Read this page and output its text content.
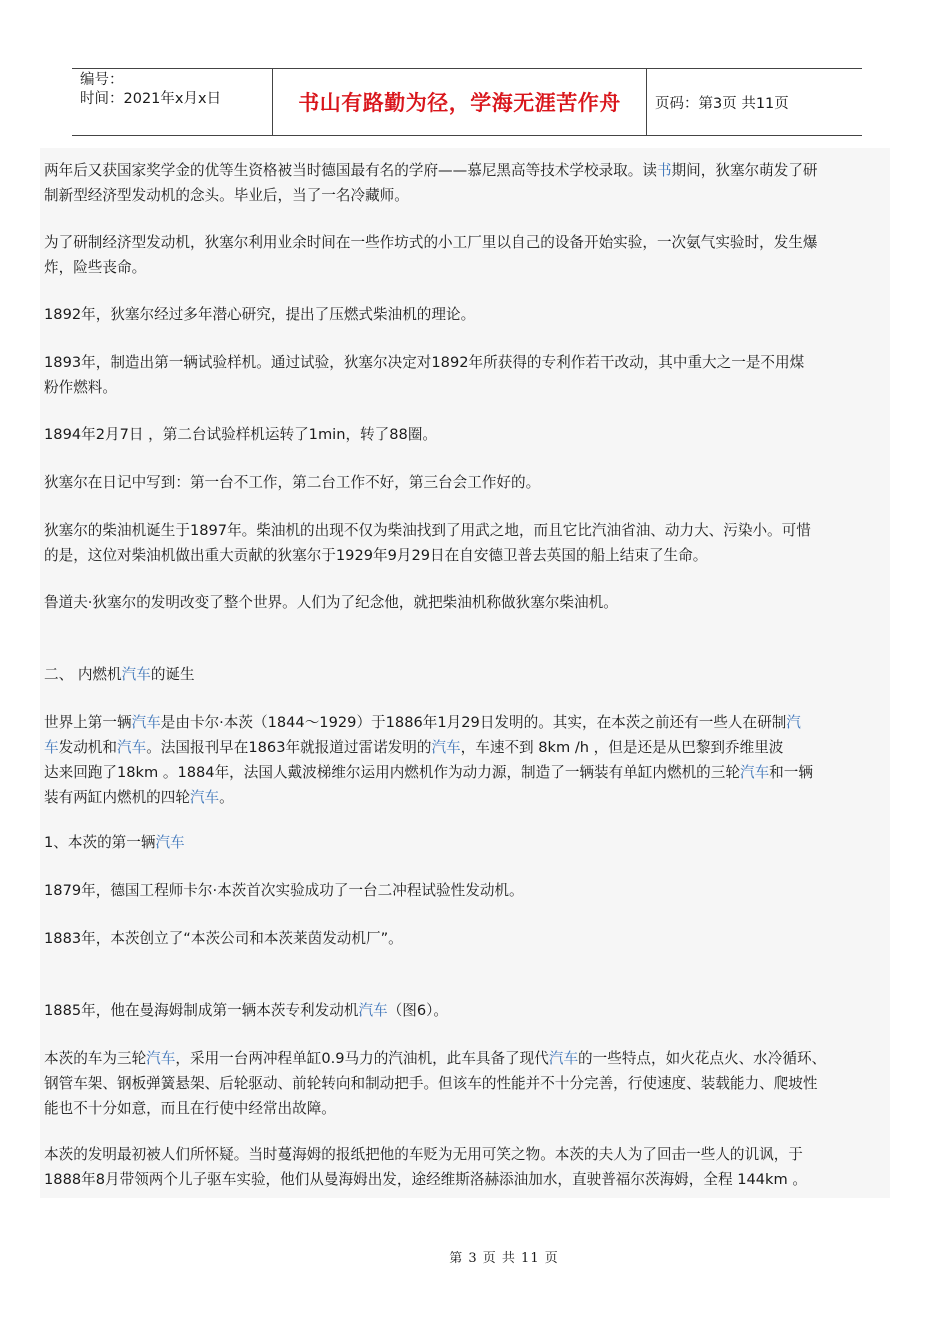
编号：
时间：2021年x月x日	书山有路勤为径，学海无涯苦作舟 页码：第3页 共11页
两年后又获国家奖学金的优等生资格被当时德国最有名的学府——慕尼黑高等技术学校录取。读书期间，狄塞尔萌发了研
制新型经济型发动机的念头。毕业后，当了一名冷藏师。
为了研制经济型发动机，狄塞尔利用业余时间在一些作坊式的小工厂里以自己的设备开始实验，一次氨气实验时，发生爆
炸，险些丧命。
1892年，狄塞尔经过多年潜心研究，提出了压燃式柴油机的理论。
1893年，制造出第一辆试验样机。通过试验，狄塞尔决定对1892年所获得的专利作若干改动，其中重大之一是不用煤
粉作燃料。
1894年2月7日 ，第二台试验样机运转了1min，转了88圈。
狄塞尔在日记中写到：第一台不工作，第二台工作不好，第三台会工作好的。
狄塞尔的柴油机诞生于1897年。柴油机的出现不仅为柴油找到了用武之地，而且它比汽油省油、动力大、污染小。可惜
的是，这位对柴油机做出重大贡献的狄塞尔于1929年9月29日在自安德卫普去英国的船上结束了生命。
鲁道夫·狄塞尔的发明改变了整个世界。人们为了纪念他，就把柴油机称做狄塞尔柴油机。
二、 内燃机汽车的诞生
世界上第一辆汽车是由卡尔·本茨（1844～1929）于1886年1月29日发明的。其实，在本茨之前还有一些人在研制汽
车发动机和汽车。法国报刊早在1863年就报道过雷诺发明的汽车，车速不到 8km /h ，但是还是从巴黎到乔维里波
达来回跑了18km 。1884年，法国人戴波梯维尔运用内燃机作为动力源，制造了一辆装有单缸内燃机的三轮汽车和一辆
装有两缸内燃机的四轮汽车。
1、本茨的第一辆汽车
1879年，德国工程师卡尔·本茨首次实验成功了一台二冲程试验性发动机。
1883年，本茨创立了“本茨公司和本茨莱茵发动机厂”。
1885年，他在曼海姆制成第一辆本茨专利发动机汽车（图6）。
本茨的车为三轮汽车，采用一台两冲程单缸0.9马力的汽油机，此车具备了现代汽车的一些特点，如火花点火、水冷循环、
钢管车架、钢板弹簧悬架、后轮驱动、前轮转向和制动把手。但该车的性能并不十分完善，行使速度、装载能力、爬坡性
能也不十分如意，而且在行使中经常出故障。
本茨的发明最初被人们所怀疑。当时蔓海姆的报纸把他的车贬为无用可笑之物。本茨的夫人为了回击一些人的讥讽，于
1888年8月带领两个儿子驱车实验，他们从曼海姆出发，途经维斯洛赫添油加水，直驶普福尔茨海姆，全程 144km 。
第 3 页 共 11 页
